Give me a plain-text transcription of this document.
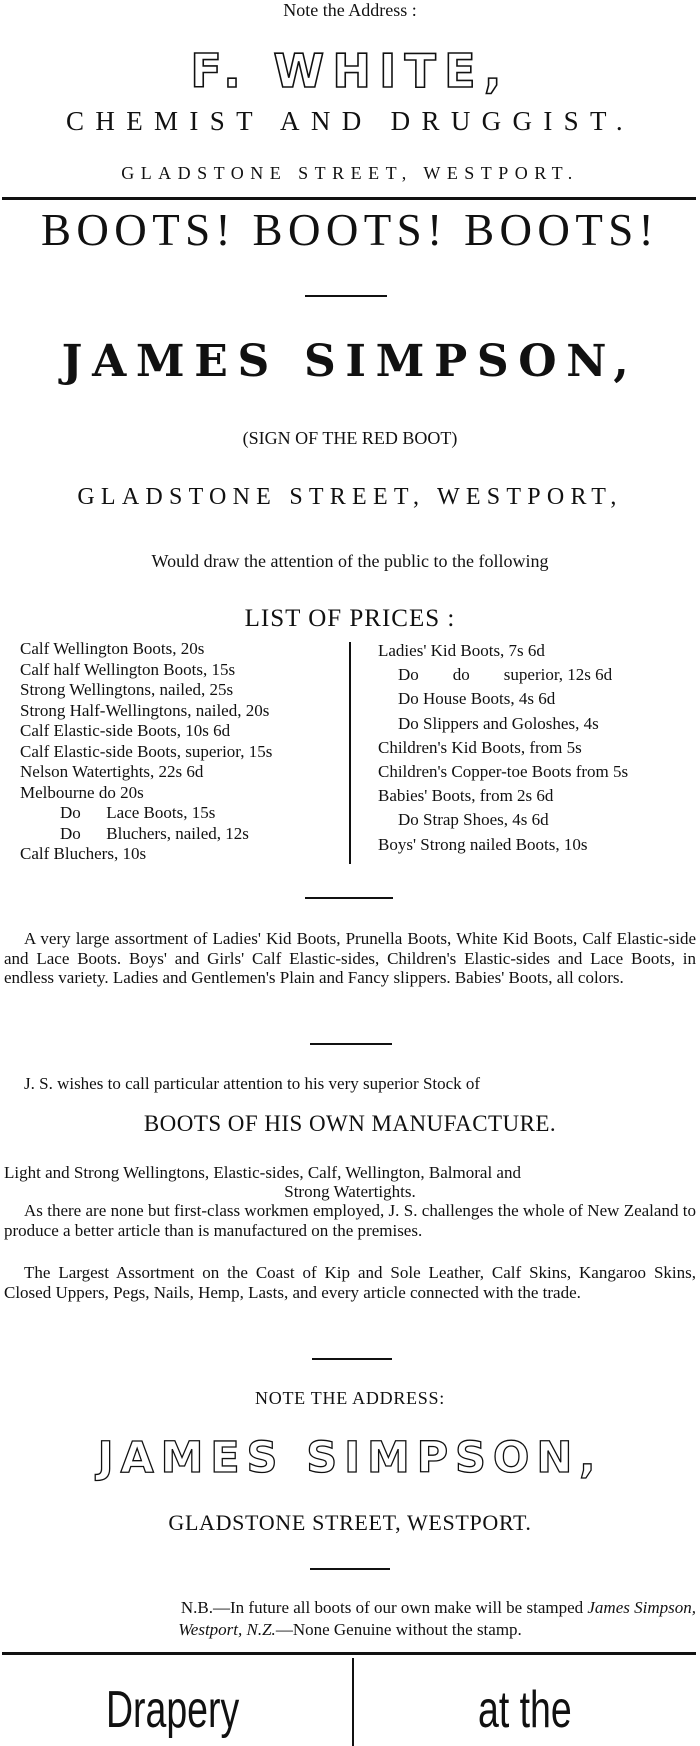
Note the Address :
F. WHITE,
CHEMIST AND DRUGGIST.
GLADSTONE STREET, WESTPORT.
BOOTS! BOOTS! BOOTS!
JAMES SIMPSON,
(SIGN OF THE RED BOOT)
GLADSTONE STREET, WESTPORT,
Would draw the attention of the public to the following
LIST OF PRICES :
Calf Wellington Boots, 20s
Calf half Wellington Boots, 15s
Strong Wellingtons, nailed, 25s
Strong Half-Wellingtons, nailed, 20s
Calf Elastic-side Boots, 10s 6d
Calf Elastic-side Boots, superior, 15s
Nelson Watertights, 22s 6d
Melbourne do 20s
Do      Lace Boots, 15s
Do      Bluchers, nailed, 12s
Calf Bluchers, 10s
Ladies' Kid Boots, 7s 6d
Do        do        superior, 12s 6d
Do House Boots, 4s 6d
Do Slippers and Goloshes, 4s
Children's Kid Boots, from 5s
Children's Copper-toe Boots from 5s
Babies' Boots, from 2s 6d
Do Strap Shoes, 4s 6d
Boys' Strong nailed Boots, 10s
A very large assortment of Ladies' Kid Boots, Prunella Boots, White Kid Boots, Calf Elastic-side and Lace Boots. Boys' and Girls' Calf Elastic-sides, Children's Elastic-sides and Lace Boots, in endless variety. Ladies and Gentlemen's Plain and Fancy slippers. Babies' Boots, all colors.
J. S. wishes to call particular attention to his very superior Stock of
BOOTS OF HIS OWN MANUFACTURE.
Light and Strong Wellingtons, Elastic-sides, Calf, Wellington, Balmoral and
Strong Watertights.
As there are none but first-class workmen employed, J. S. challenges the whole of New Zealand to produce a better article than is manufactured on the premises.
The Largest Assortment on the Coast of Kip and Sole Leather, Calf Skins, Kangaroo Skins, Closed Uppers, Pegs, Nails, Hemp, Lasts, and every article connected with the trade.
NOTE THE ADDRESS:
JAMES SIMPSON,
GLADSTONE STREET, WESTPORT.
N.B.—In future all boots of our own make will be stamped James Simpson,
Westport, N.Z.—None Genuine without the stamp.
Drapery	at the
